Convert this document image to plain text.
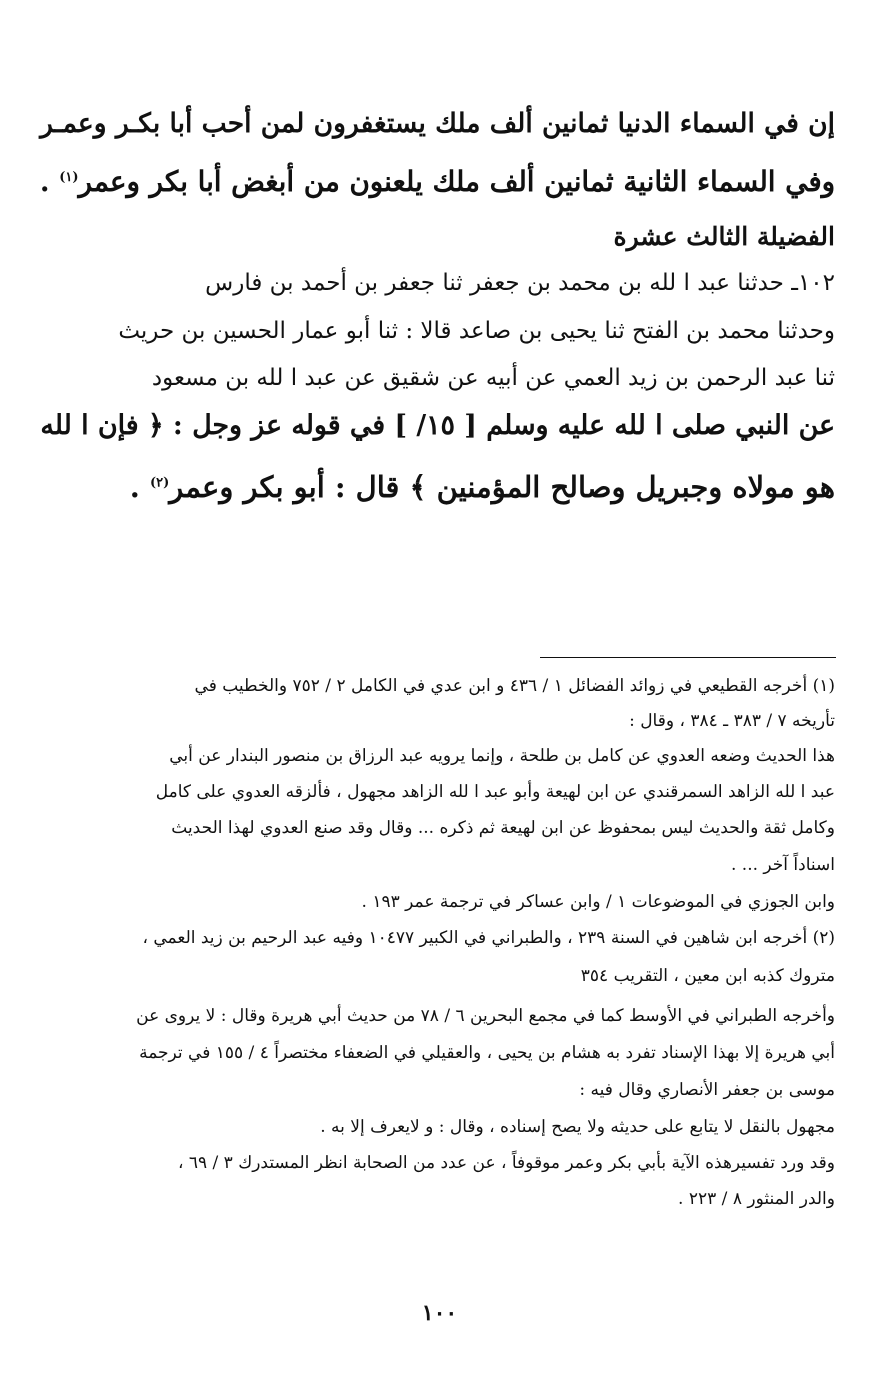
إن في السماء الدنيا ثمانين ألف ملك يستغفرون لمن أحب أبا بكـر وعمـر
وفي السماء الثانية ثمانين ألف ملك يلعنون من أبغض أبا بكر وعمر$^{(١)}$ .
الفضيلة الثالث عشرة
١٠٢ـ حدثنا عبد ا لله بن محمد بن جعفر ثنا جعفر بن أحمد بن فارس
وحدثنا محمد بن الفتح ثنا يحيى بن صاعد قالا : ثنا أبو عمار الحسين بن حريث
ثنا عبد الرحمن بن زيد العمي عن أبيه عن شقيق عن عبد ا لله بن مسعود
عن النبي صلى ا لله عليه وسلم [ ١٥/ ] في قوله عز وجل : ﴿ فإن ا لله
هو مولاه وجبريل وصالح المؤمنين ﴾ قال : أبو بكر وعمر$^{(٢)}$ .
(١) أخرجه القطيعي في زوائد الفضائل ١ / ٤٣٦ و ابن عدي في الكامل ٢ / ٧٥٢ والخطيب في
تأريخه ٧ / ٣٨٣ ـ ٣٨٤ ، وقال :
هذا الحديث وضعه العدوي عن كامل بن طلحة ، وإنما يرويه عبد الرزاق بن منصور البندار عن أبي
عبد ا لله الزاهد السمرقندي عن ابن لهيعة وأبو عبد ا لله الزاهد مجهول ، فألزقه العدوي على كامل
وكامل ثقة والحديث ليس بمحفوظ عن ابن لهيعة ثم ذكره ... وقال وقد صنع العدوي لهذا الحديث
اسناداً آخر ... .
وابن الجوزي في الموضوعات ١ / وابن عساكر في ترجمة عمر ١٩٣ .
(٢) أخرجه ابن شاهين في السنة ٢٣٩ ، والطبراني في الكبير ١٠٤٧٧ وفيه عبد الرحيم بن زيد العمي ،
متروك كذبه ابن معين ، التقريب ٣٥٤
وأخرجه الطبراني في الأوسط كما في مجمع البحرين ٦ / ٧٨ من حديث أبي هريرة وقال : لا يروى عن
أبي هريرة إلا بهذا الإسناد تفرد به هشام بن يحيى ، والعقيلي في الضعفاء مختصراً ٤ / ١٥٥ في ترجمة
موسى بن جعفر الأنصاري وقال فيه :
مجهول بالنقل لا يتابع على حديثه ولا يصح إسناده ، وقال : و لايعرف إلا به .
وقد ورد تفسيرهذه الآية بأبي بكر وعمر موقوفاً ، عن عدد من الصحابة انظر المستدرك ٣ / ٦٩ ،
والدر المنثور ٨ / ٢٢٣ .
١٠٠
